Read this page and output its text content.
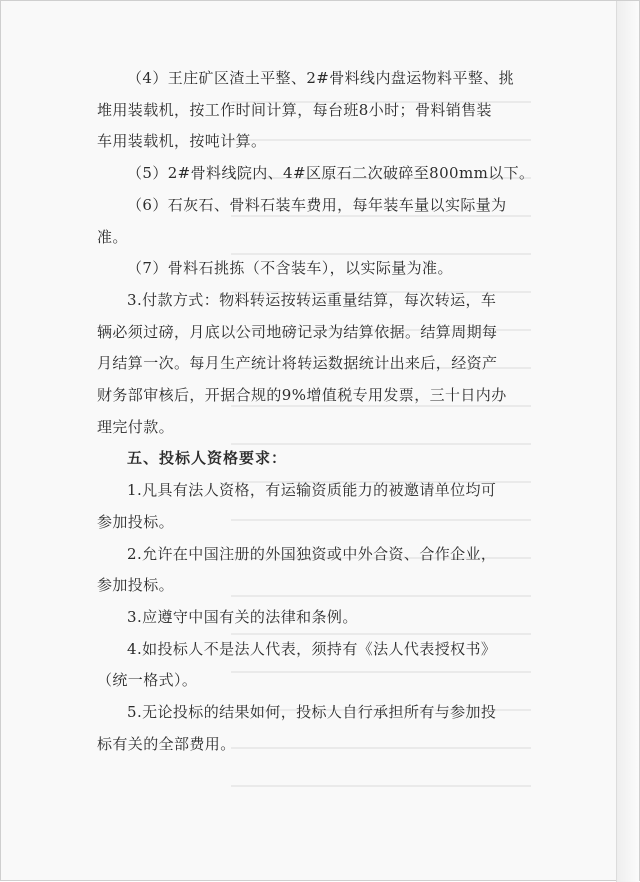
（4）王庄矿区渣土平整、2#骨料线内盘运物料平整、挑
堆用装载机，按工作时间计算，每台班8小时；骨料销售装
车用装载机，按吨计算。

（5）2#骨料线院内、4#区原石二次破碎至800mm以下。

（6）石灰石、骨料石装车费用，每年装车量以实际量为
准。

（7）骨料石挑拣（不含装车），以实际量为准。

3.付款方式：物料转运按转运重量结算，每次转运，车
辆必须过磅，月底以公司地磅记录为结算依据。结算周期每
月结算一次。每月生产统计将转运数据统计出来后，经资产
财务部审核后，开据合规的9%增值税专用发票，三十日内办
理完付款。

五、投标人资格要求：

1.凡具有法人资格，有运输资质能力的被邀请单位均可
参加投标。

2.允许在中国注册的外国独资或中外合资、合作企业，
参加投标。

3.应遵守中国有关的法律和条例。

4.如投标人不是法人代表，须持有《法人代表授权书》
（统一格式）。

5.无论投标的结果如何，投标人自行承担所有与参加投
标有关的全部费用。
